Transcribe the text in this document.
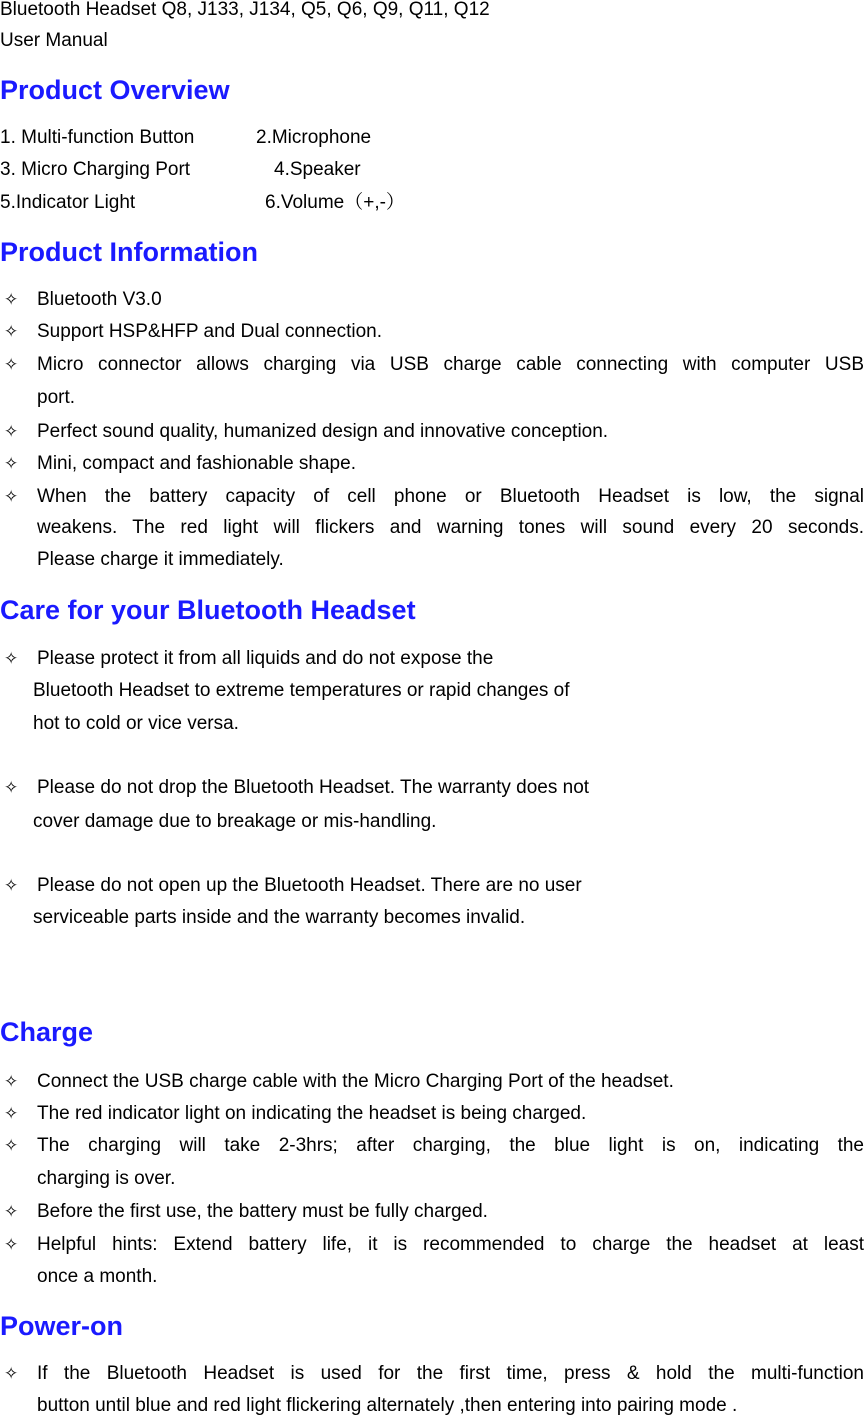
Bluetooth Headset Q8, J133, J134, Q5, Q6, Q9, Q11, Q12
User Manual
Product Overview
1. Multi-function Button	2.Microphone
3. Micro Charging Port	4.Speaker
5.Indicator Light	6.Volume（+,-）
Product Information
✧ Bluetooth V3.0
✧ Support HSP&HFP and Dual connection.
✧ Micro connector allows charging via USB charge cable connecting with computer USB
port.
✧ Perfect sound quality, humanized design and innovative conception.
✧ Mini, compact and fashionable shape.
✧ When the battery capacity of cell phone or Bluetooth Headset is low, the signal
weakens. The red light will flickers and warning tones will sound every 20 seconds.
Please charge it immediately.
Care for your Bluetooth Headset
✧ Please protect it from all liquids and do not expose the
Bluetooth Headset to extreme temperatures or rapid changes of
hot to cold or vice versa.
✧ Please do not drop the Bluetooth Headset. The warranty does not
cover damage due to breakage or mis-handling.
✧ Please do not open up the Bluetooth Headset. There are no user
serviceable parts inside and the warranty becomes invalid.
Charge
✧ Connect the USB charge cable with the Micro Charging Port of the headset.
✧ The red indicator light on indicating the headset is being charged.
✧ The charging will take 2-3hrs; after charging, the blue light is on, indicating the
charging is over.
✧ Before the first use, the battery must be fully charged.
✧ Helpful hints: Extend battery life, it is recommended to charge the headset at least
once a month.
Power-on
✧ If the Bluetooth Headset is used for the first time, press & hold the multi-function
button until blue and red light flickering alternately ,then entering into pairing mode .
